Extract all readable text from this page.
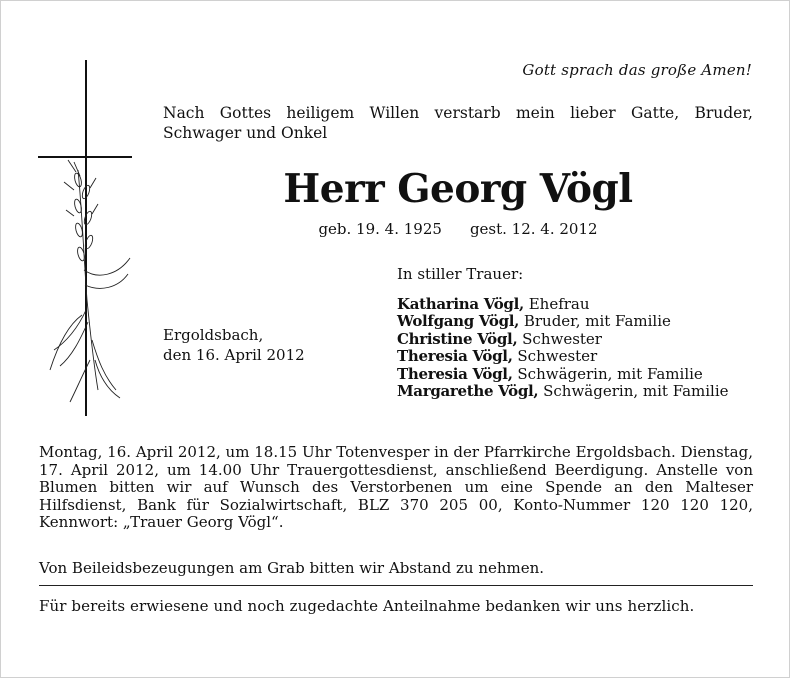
Gott sprach das große Amen!
Nach Gottes heiligem Willen verstarb mein lieber Gatte, Bruder, Schwager und Onkel
Herr Georg Vögl
geb. 19. 4. 1925 gest. 12. 4. 2012
Ergoldsbach,
den 16. April 2012
In stiller Trauer:
Katharina Vögl, Ehefrau
Wolfgang Vögl, Bruder, mit Familie
Christine Vögl, Schwester
Theresia Vögl, Schwester
Theresia Vögl, Schwägerin, mit Familie
Margarethe Vögl, Schwägerin, mit Familie
Montag, 16. April 2012, um 18.15 Uhr Totenvesper in der Pfarrkirche Ergoldsbach. Dienstag, 17. April 2012, um 14.00 Uhr Trauergottesdienst, anschließend Beerdigung. Anstelle von Blumen bitten wir auf Wunsch des Verstorbenen um eine Spende an den Malteser Hilfsdienst, Bank für Sozialwirtschaft, BLZ 370 205 00, Konto-Nummer 120 120 120, Kennwort: „Trauer Georg Vögl“.
Von Beileidsbezeugungen am Grab bitten wir Abstand zu nehmen.
Für bereits erwiesene und noch zugedachte Anteilnahme bedanken wir uns herzlich.
